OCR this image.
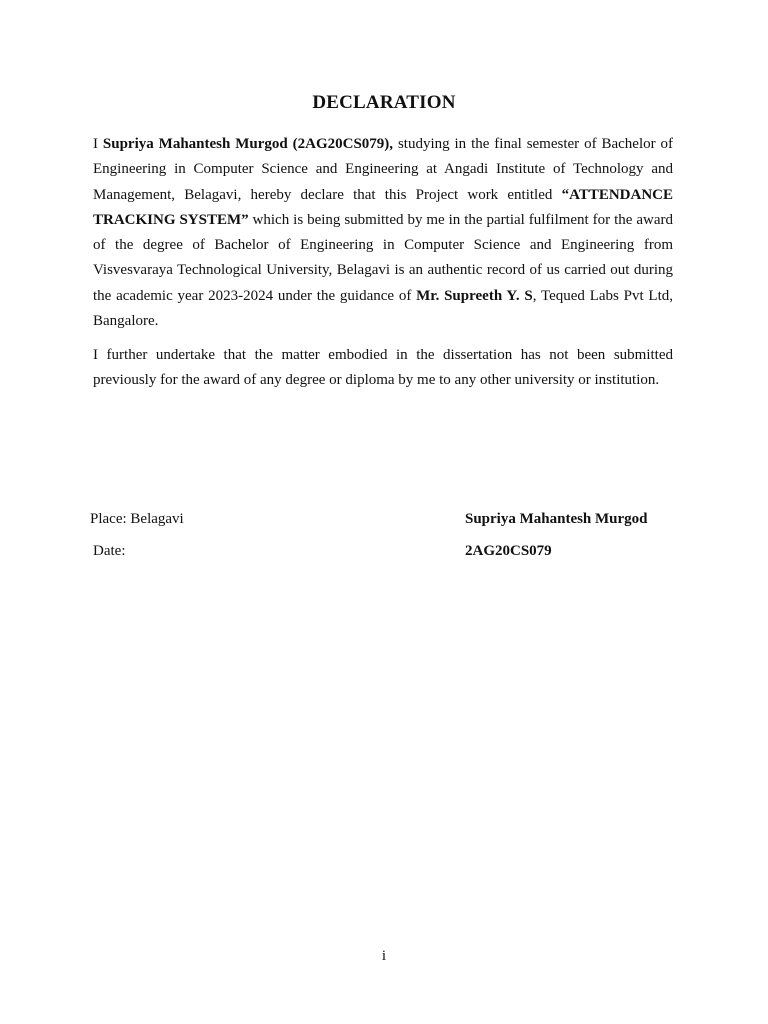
DECLARATION

I Supriya Mahantesh Murgod (2AG20CS079), studying in the final semester of Bachelor of Engineering in Computer Science and Engineering at Angadi Institute of Technology and Management, Belagavi, hereby declare that this Project work entitled “ATTENDANCE TRACKING SYSTEM” which is being submitted by me in the partial fulfilment for the award of the degree of Bachelor of Engineering in Computer Science and Engineering from Visvesvaraya Technological University, Belagavi is an authentic record of us carried out during the academic year 2023-2024 under the guidance of Mr. Supreeth Y. S, Tequed Labs Pvt Ltd, Bangalore.

I further undertake that the matter embodied in the dissertation has not been submitted previously for the award of any degree or diploma by me to any other university or institution.

Place: Belagavi
Date:
Supriya Mahantesh Murgod
2AG20CS079
i
